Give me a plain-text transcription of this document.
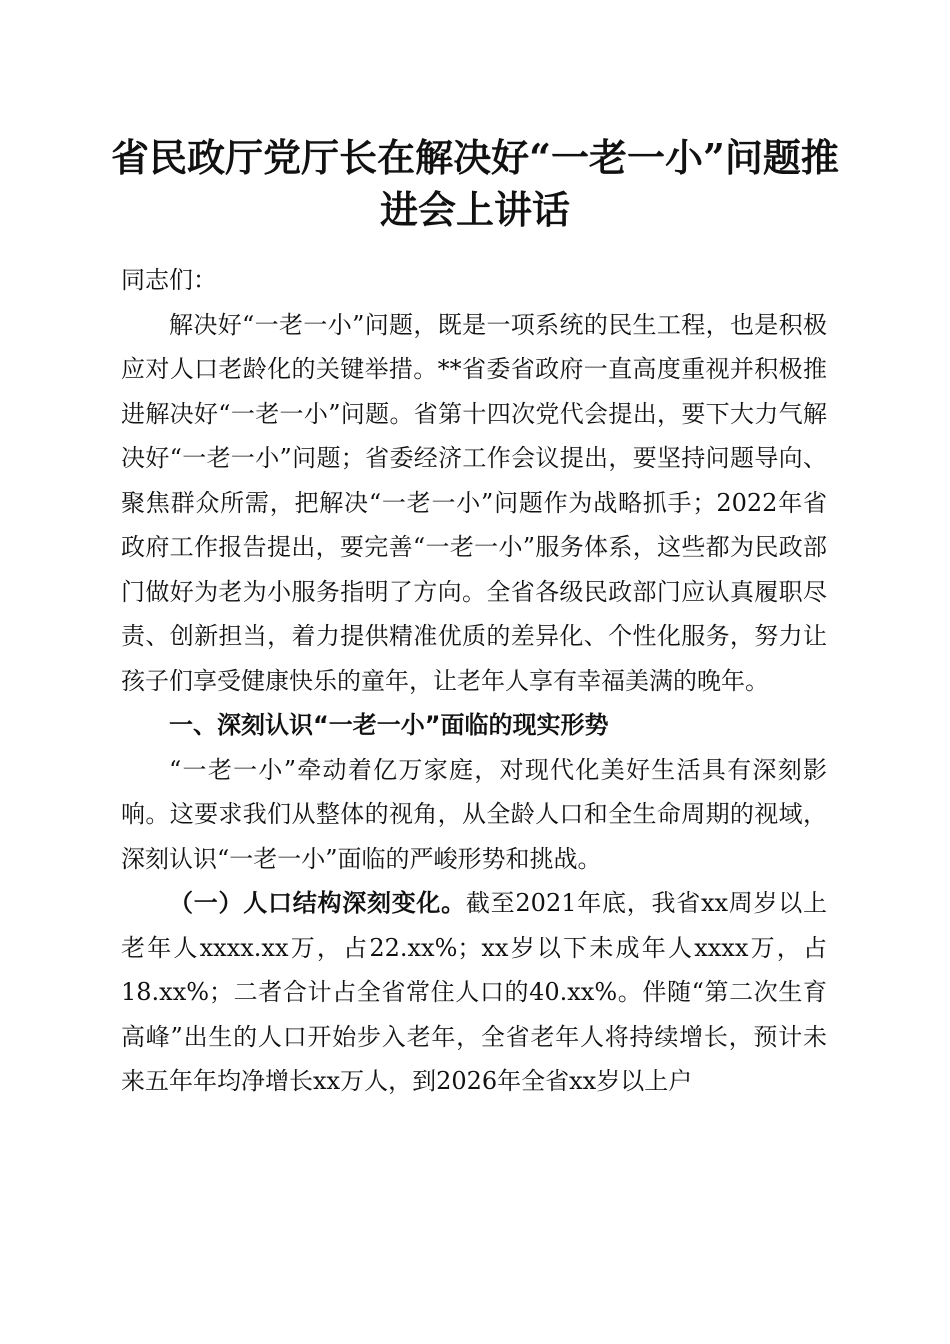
省民政厅党厅长在解决好“一老一小”问题推进会上讲话

同志们：

解决好“一老一小”问题，既是一项系统的民生工程，也是积极应对人口老龄化的关键举措。**省委省政府一直高度重视并积极推进解决好“一老一小”问题。省第十四次党代会提出，要下大力气解决好“一老一小”问题；省委经济工作会议提出，要坚持问题导向、聚焦群众所需，把解决“一老一小”问题作为战略抓手；2022年省政府工作报告提出，要完善“一老一小”服务体系，这些都为民政部门做好为老为小服务指明了方向。全省各级民政部门应认真履职尽责、创新担当，着力提供精准优质的差异化、个性化服务，努力让孩子们享受健康快乐的童年，让老年人享有幸福美满的晚年。

一、深刻认识“一老一小”面临的现实形势

“一老一小”牵动着亿万家庭，对现代化美好生活具有深刻影响。这要求我们从整体的视角，从全龄人口和全生命周期的视域，深刻认识“一老一小”面临的严峻形势和挑战。

（一）人口结构深刻变化。截至2021年底，我省xx周岁以上老年人xxxx.xx万，占22.xx%；xx岁以下未成年人xxxx万，占18.xx%；二者合计占全省常住人口的40.xx%。伴随“第二次生育高峰”出生的人口开始步入老年，全省老年人将持续增长，预计未来五年年均净增长xx万人，到2026年全省xx岁以上户
